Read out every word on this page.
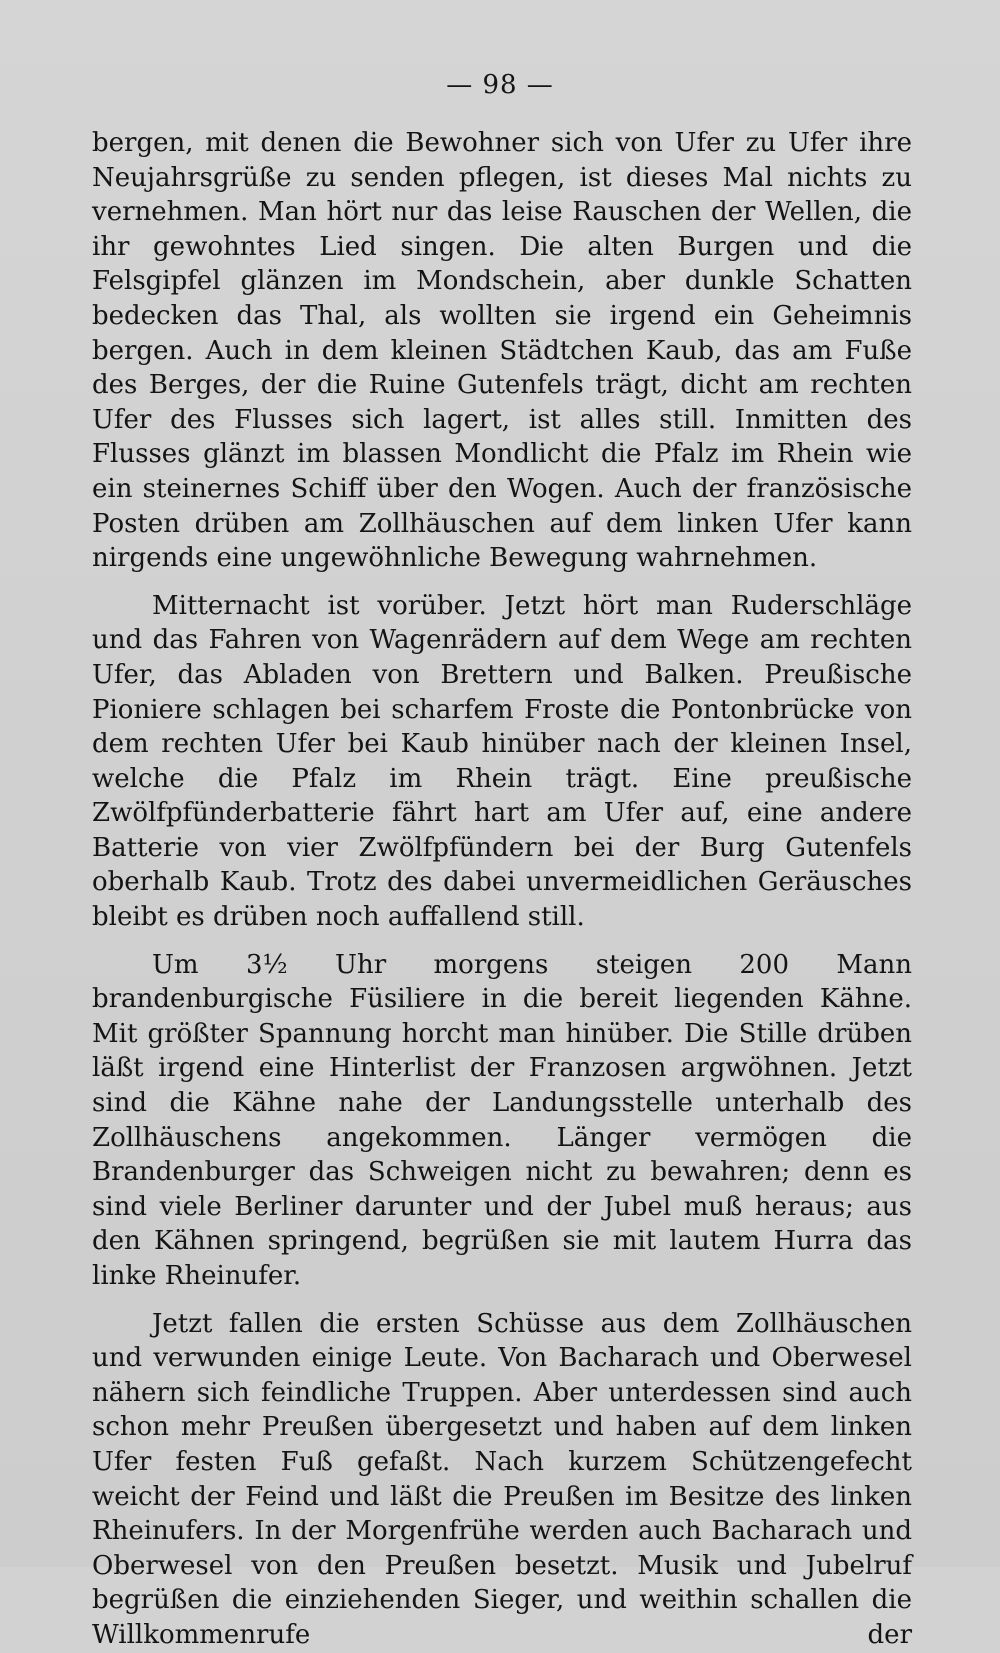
— 98 —

bergen, mit denen die Bewohner sich von Ufer zu Ufer ihre Neujahrsgrüße zu senden pflegen, ist dieses Mal nichts zu vernehmen. Man hört nur das leise Rauschen der Wellen, die ihr gewohntes Lied singen. Die alten Burgen und die Felsgipfel glänzen im Mondschein, aber dunkle Schatten bedecken das Thal, als wollten sie irgend ein Geheimnis bergen. Auch in dem kleinen Städtchen Kaub, das am Fuße des Berges, der die Ruine Gutenfels trägt, dicht am rechten Ufer des Flusses sich lagert, ist alles still. Inmitten des Flusses glänzt im blassen Mondlicht die Pfalz im Rhein wie ein steinernes Schiff über den Wogen. Auch der französische Posten drüben am Zollhäuschen auf dem linken Ufer kann nirgends eine ungewöhnliche Bewegung wahrnehmen.

Mitternacht ist vorüber. Jetzt hört man Ruderschläge und das Fahren von Wagenrädern auf dem Wege am rechten Ufer, das Abladen von Brettern und Balken. Preußische Pioniere schlagen bei scharfem Froste die Pontonbrücke von dem rechten Ufer bei Kaub hinüber nach der kleinen Insel, welche die Pfalz im Rhein trägt. Eine preußische Zwölfpfünderbatterie fährt hart am Ufer auf, eine andere Batterie von vier Zwölfpfündern bei der Burg Gutenfels oberhalb Kaub. Trotz des dabei unvermeidlichen Geräusches bleibt es drüben noch auffallend still.

Um 3½ Uhr morgens steigen 200 Mann brandenburgische Füsiliere in die bereit liegenden Kähne. Mit größter Spannung horcht man hinüber. Die Stille drüben läßt irgend eine Hinterlist der Franzosen argwöhnen. Jetzt sind die Kähne nahe der Landungsstelle unterhalb des Zollhäuschens angekommen. Länger vermögen die Brandenburger das Schweigen nicht zu bewahren; denn es sind viele Berliner darunter und der Jubel muß heraus; aus den Kähnen springend, begrüßen sie mit lautem Hurra das linke Rheinufer.

Jetzt fallen die ersten Schüsse aus dem Zollhäuschen und verwunden einige Leute. Von Bacharach und Oberwesel nähern sich feindliche Truppen. Aber unterdessen sind auch schon mehr Preußen übergesetzt und haben auf dem linken Ufer festen Fuß gefaßt. Nach kurzem Schützengefecht weicht der Feind und läßt die Preußen im Besitze des linken Rheinufers. In der Morgenfrühe werden auch Bacharach und Oberwesel von den Preußen besetzt. Musik und Jubelruf begrüßen die einziehenden Sieger, und weithin schallen die Willkommenrufe der
